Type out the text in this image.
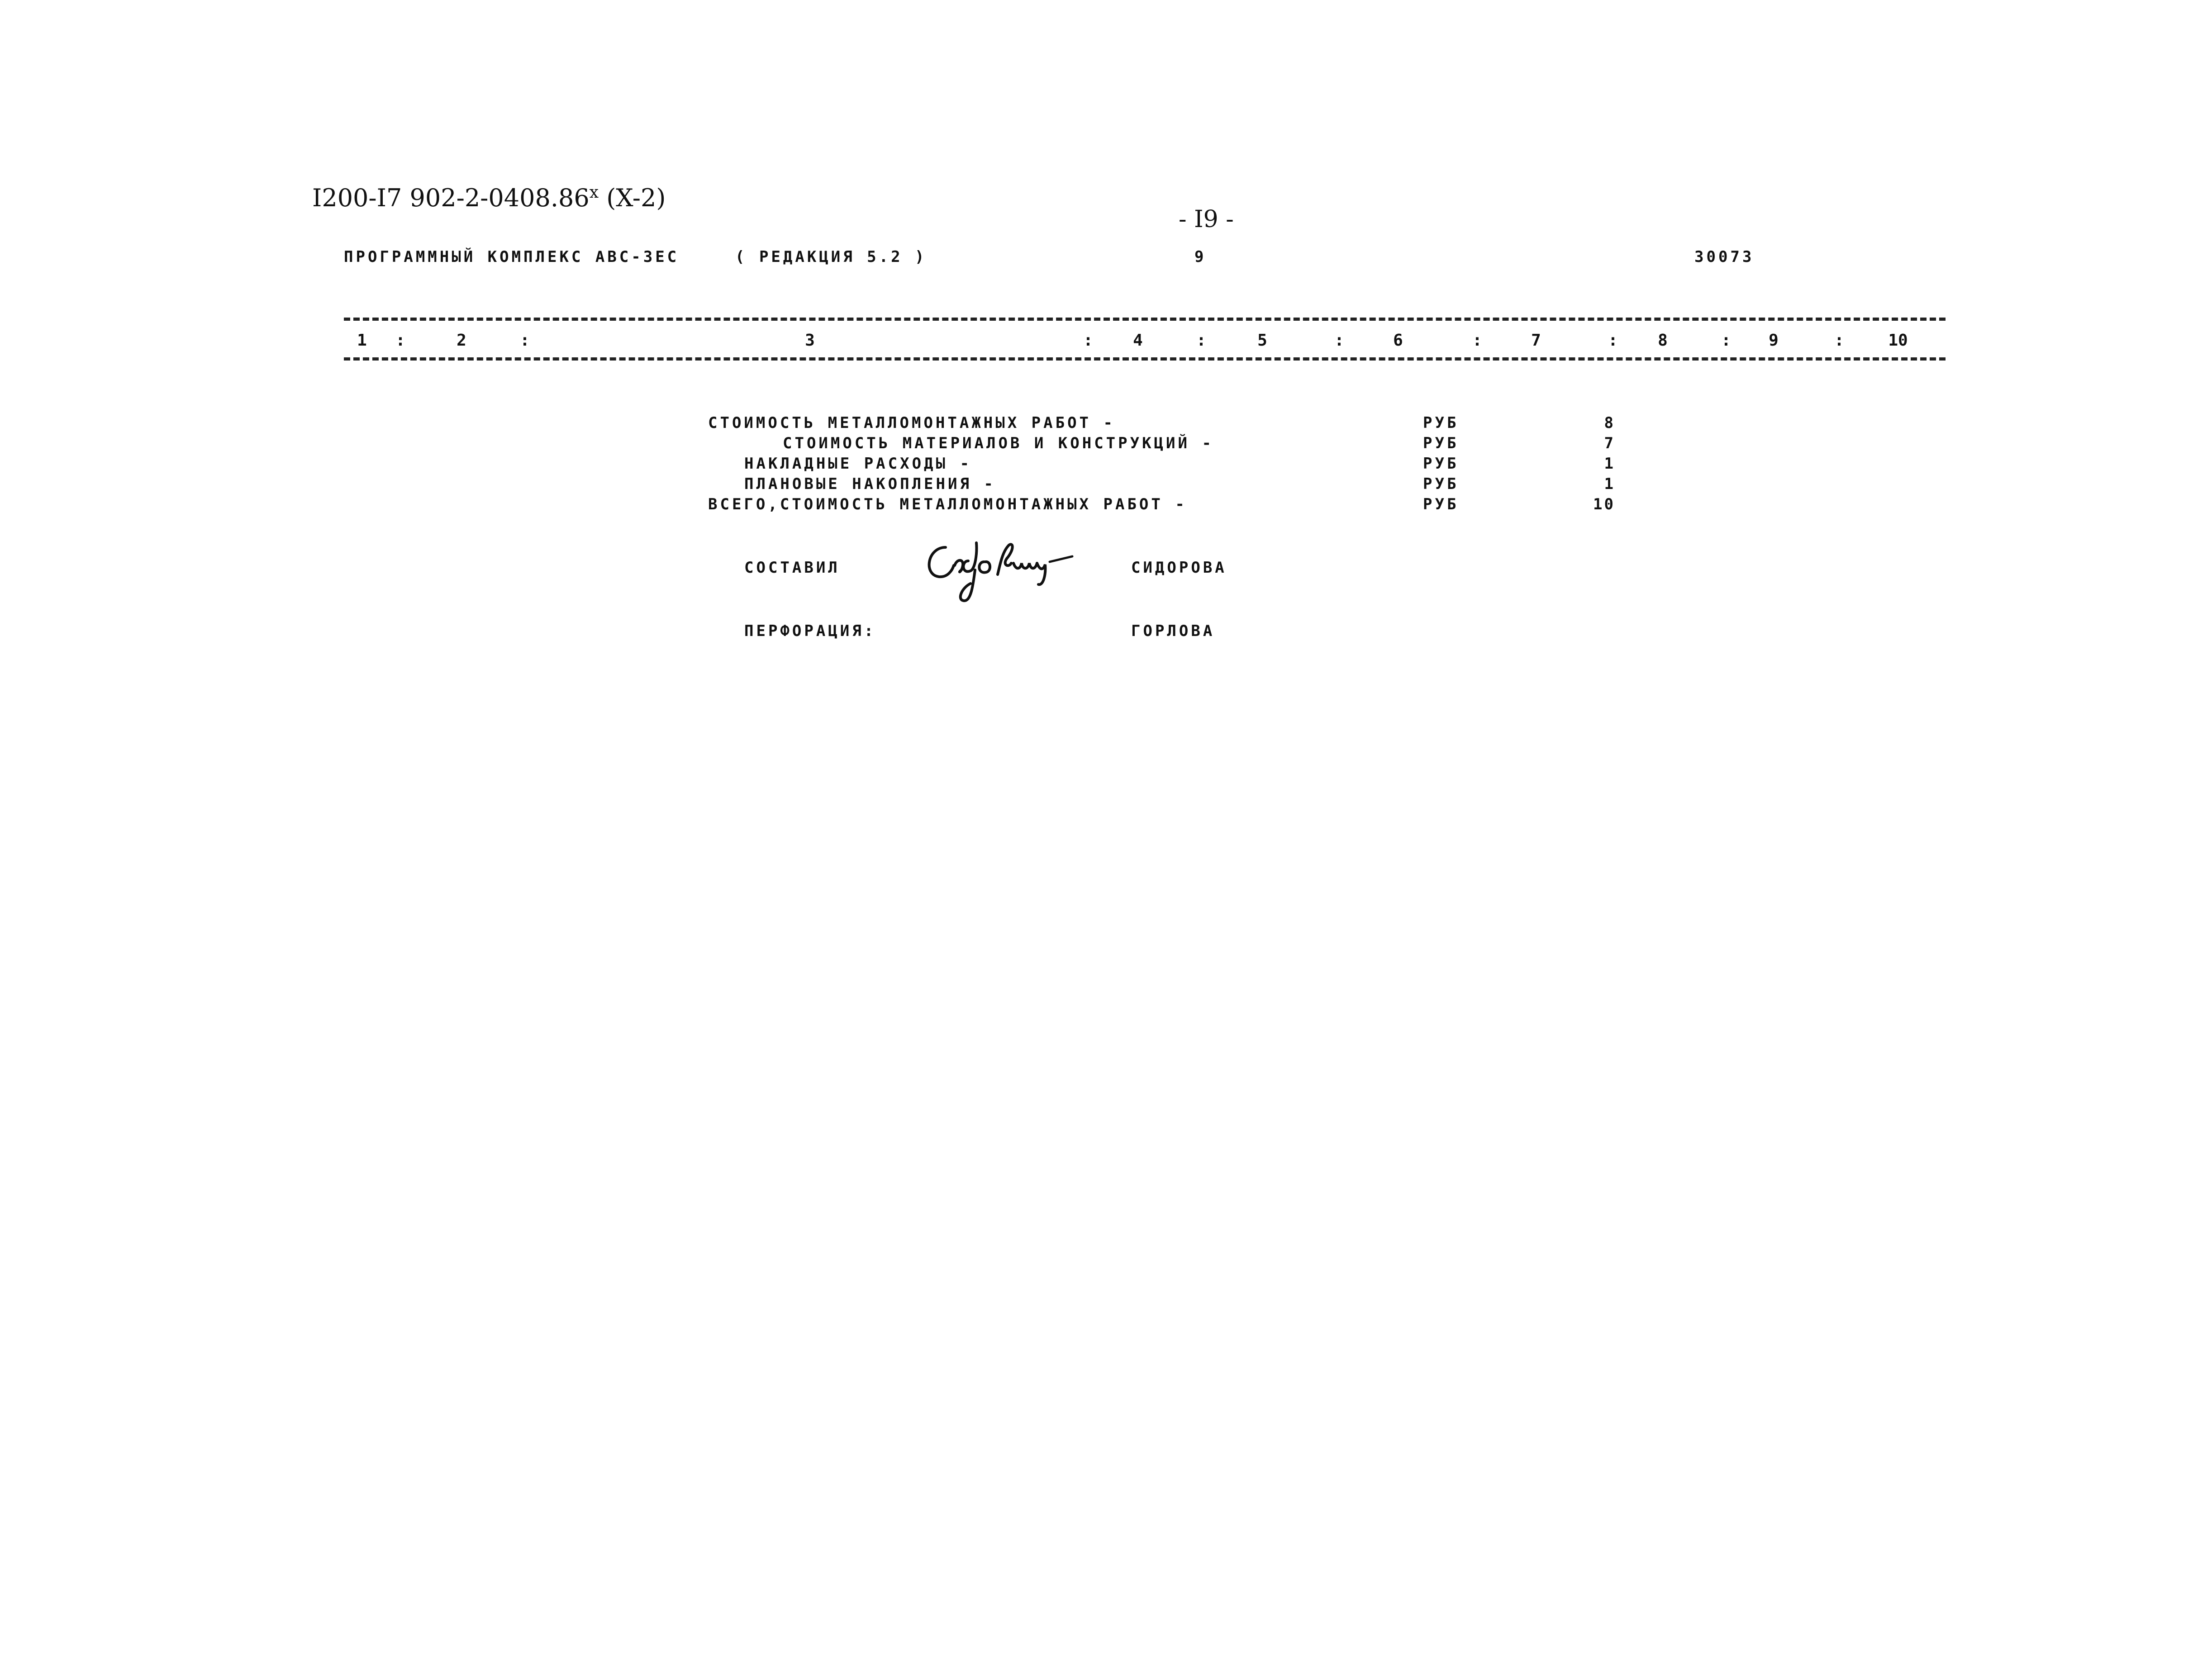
I200-I7 902-2-0408.86$^x$ (X-2)
- I9 -
ПРОГРАММНЫЙ КОМПЛЕКС АВС-ЗЕС	( РЕДАКЦИЯ 5.2 )	9	30073
1 :	2	:	3	: 4	:	5	:	6	:	7	: 8	: 9	:	10
СТОИМОСТЬ МЕТАЛЛОМОНТАЖНЫХ РАБОТ -	РУБ	8
СТОИМОСТЬ МАТЕРИАЛОВ И КОНСТРУКЦИЙ -	РУБ	7
НАКЛАДНЫЕ РАСХОДЫ -	РУБ	1
ПЛАНОВЫЕ НАКОПЛЕНИЯ -	РУБ	1
ВСЕГО,СТОИМОСТЬ МЕТАЛЛОМОНТАЖНЫХ РАБОТ -	РУБ	10
СОСТАВИЛ	СИДОРОВА
ПЕРФОРАЦИЯ:	ГОРЛОВА
